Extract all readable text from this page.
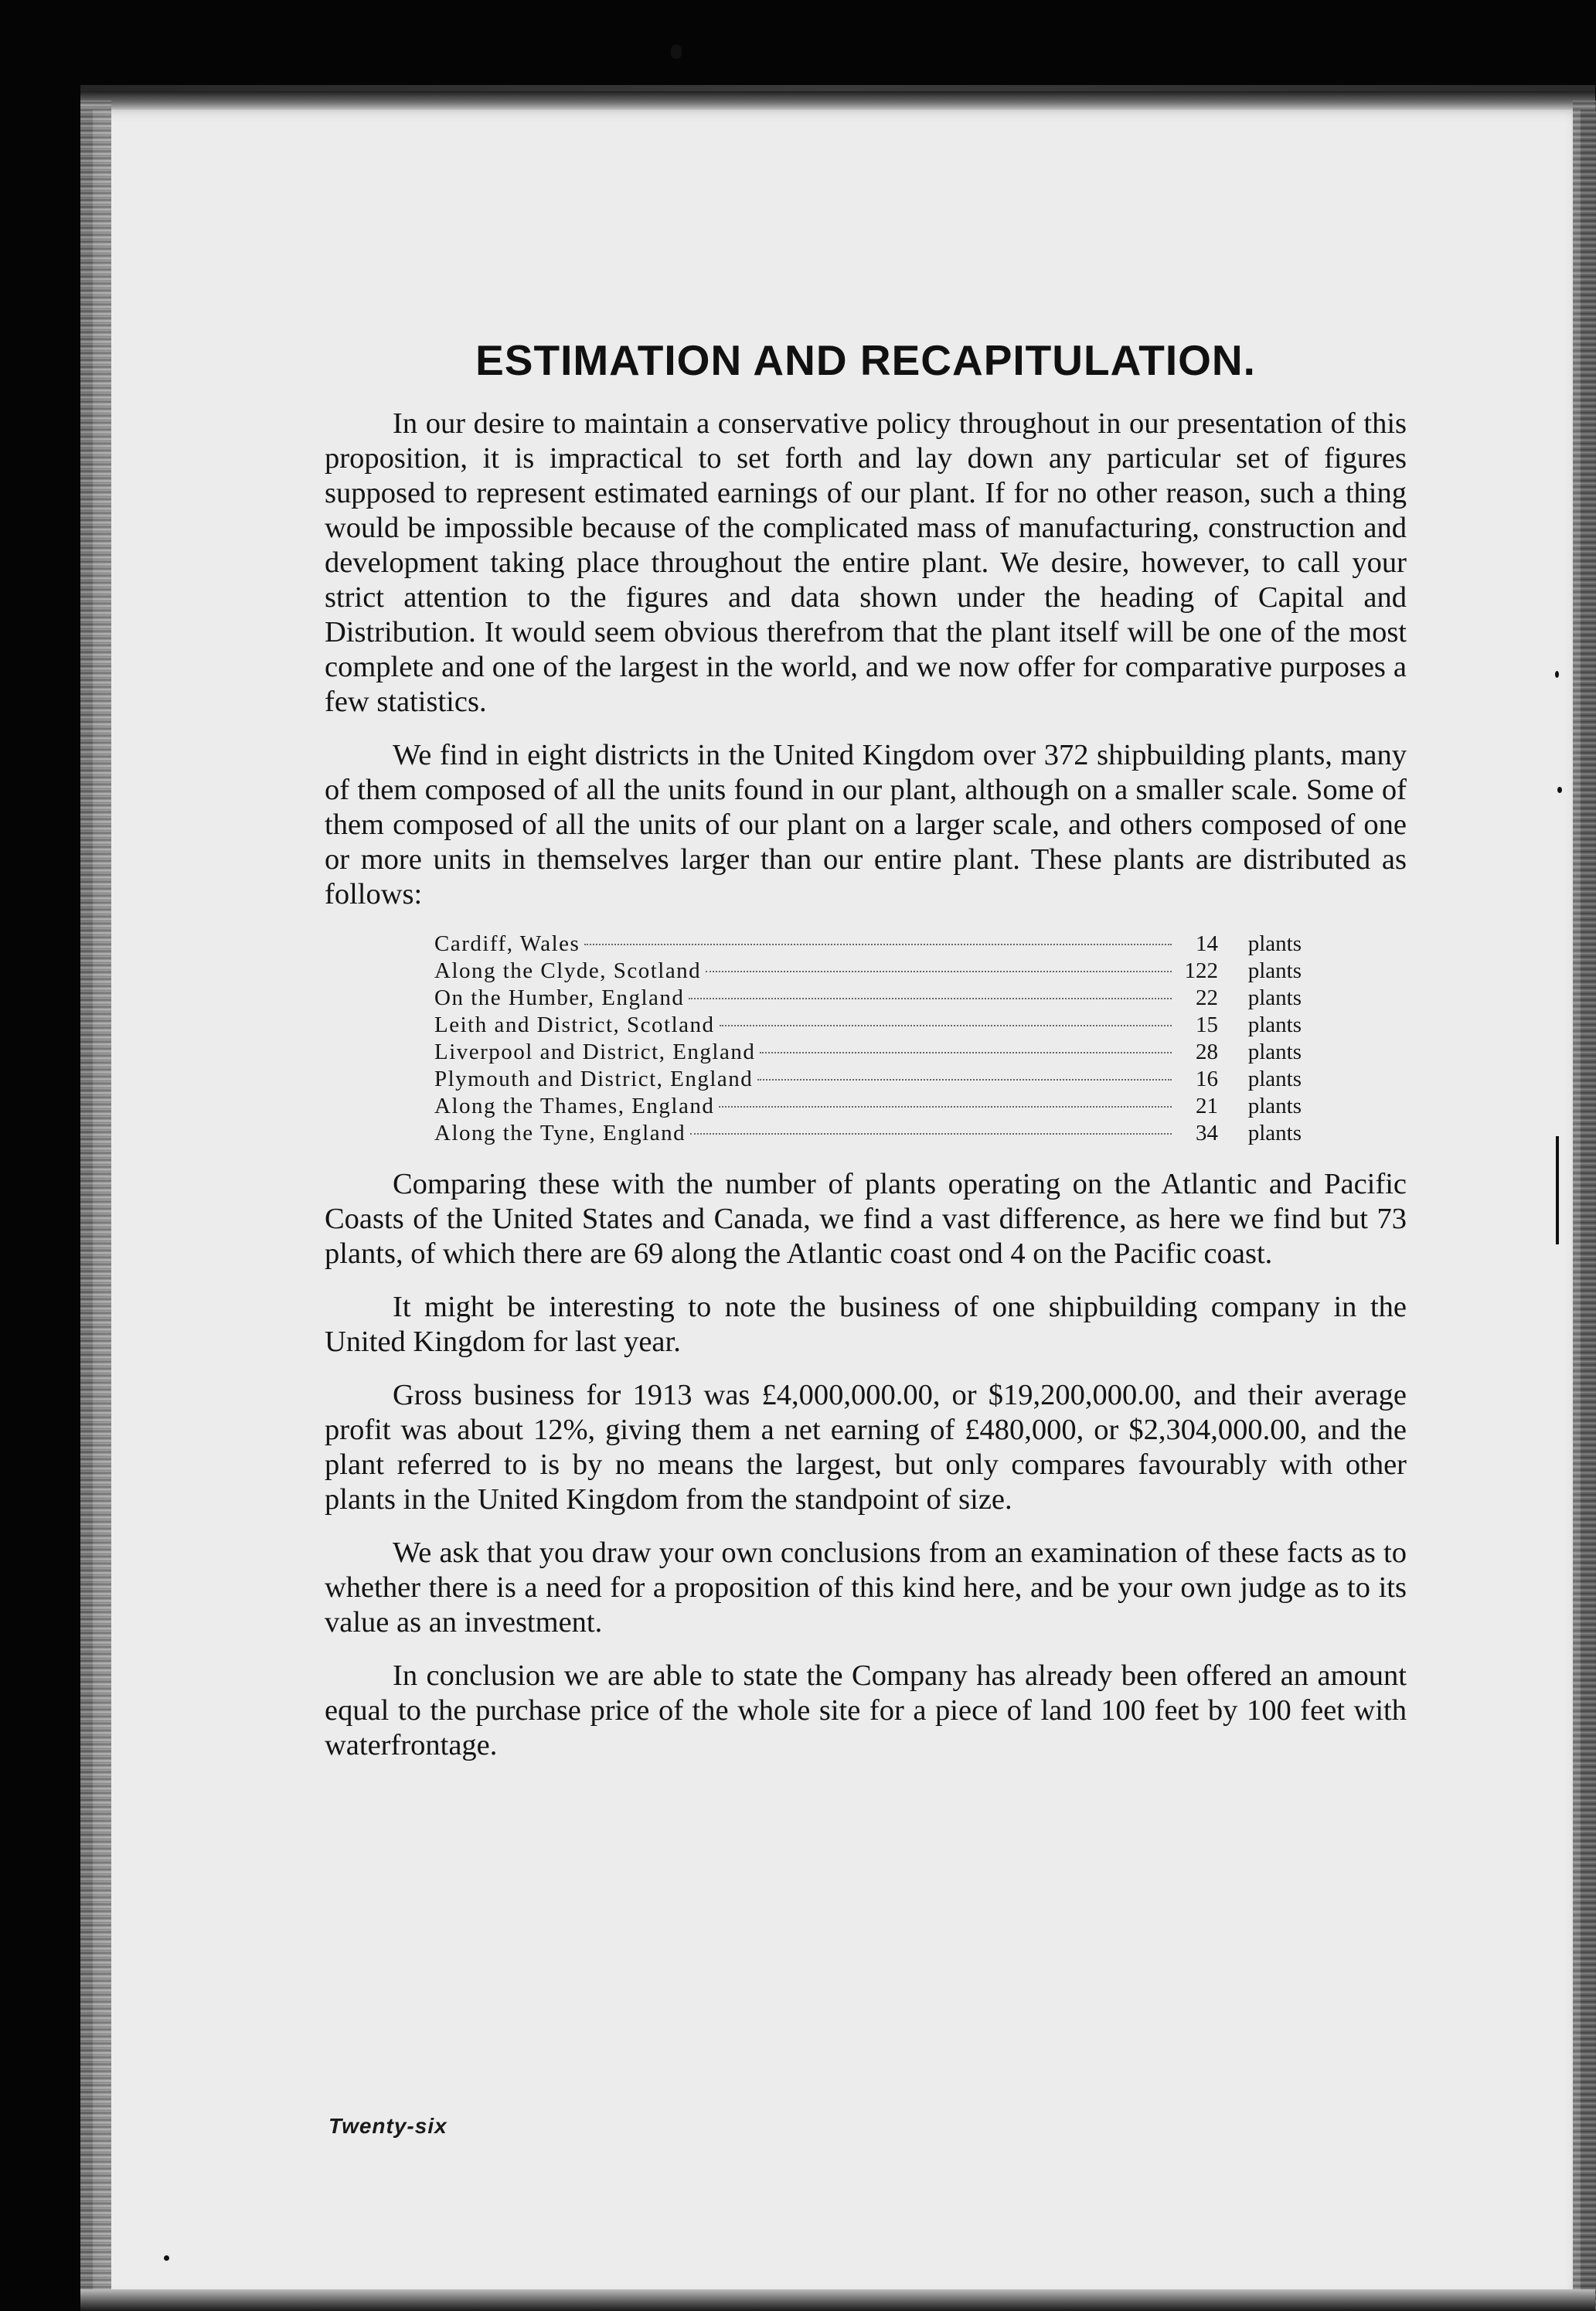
ESTIMATION AND RECAPITULATION.

In our desire to maintain a conservative policy throughout in our presentation of this proposition, it is impractical to set forth and lay down any particular set of figures supposed to represent estimated earnings of our plant. If for no other reason, such a thing would be impossible because of the complicated mass of manufacturing, construction and development taking place throughout the entire plant. We desire, however, to call your strict attention to the figures and data shown under the heading of Capital and Distribution. It would seem obvious therefrom that the plant itself will be one of the most complete and one of the largest in the world, and we now offer for comparative purposes a few statistics.

We find in eight districts in the United Kingdom over 372 shipbuilding plants, many of them composed of all the units found in our plant, although on a smaller scale. Some of them composed of all the units of our plant on a larger scale, and others composed of one or more units in themselves larger than our entire plant. These plants are distributed as follows:

Cardiff, Wales	14	plants
Along the Clyde, Scotland	122	plants
On the Humber, England	22	plants
Leith and District, Scotland	15	plants
Liverpool and District, England	28	plants
Plymouth and District, England	16	plants
Along the Thames, England	21	plants
Along the Tyne, England	34	plants

Comparing these with the number of plants operating on the Atlantic and Pacific Coasts of the United States and Canada, we find a vast difference, as here we find but 73 plants, of which there are 69 along the Atlantic coast ond 4 on the Pacific coast.

It might be interesting to note the business of one shipbuilding company in the United Kingdom for last year.

Gross business for 1913 was £4,000,000.00, or $19,200,000.00, and their average profit was about 12%, giving them a net earning of £480,000, or $2,304,000.00, and the plant referred to is by no means the largest, but only compares favourably with other plants in the United Kingdom from the standpoint of size.

We ask that you draw your own conclusions from an examination of these facts as to whether there is a need for a proposition of this kind here, and be your own judge as to its value as an investment.

In conclusion we are able to state the Company has already been offered an amount equal to the purchase price of the whole site for a piece of land 100 feet by 100 feet with waterfrontage.

Twenty-six
